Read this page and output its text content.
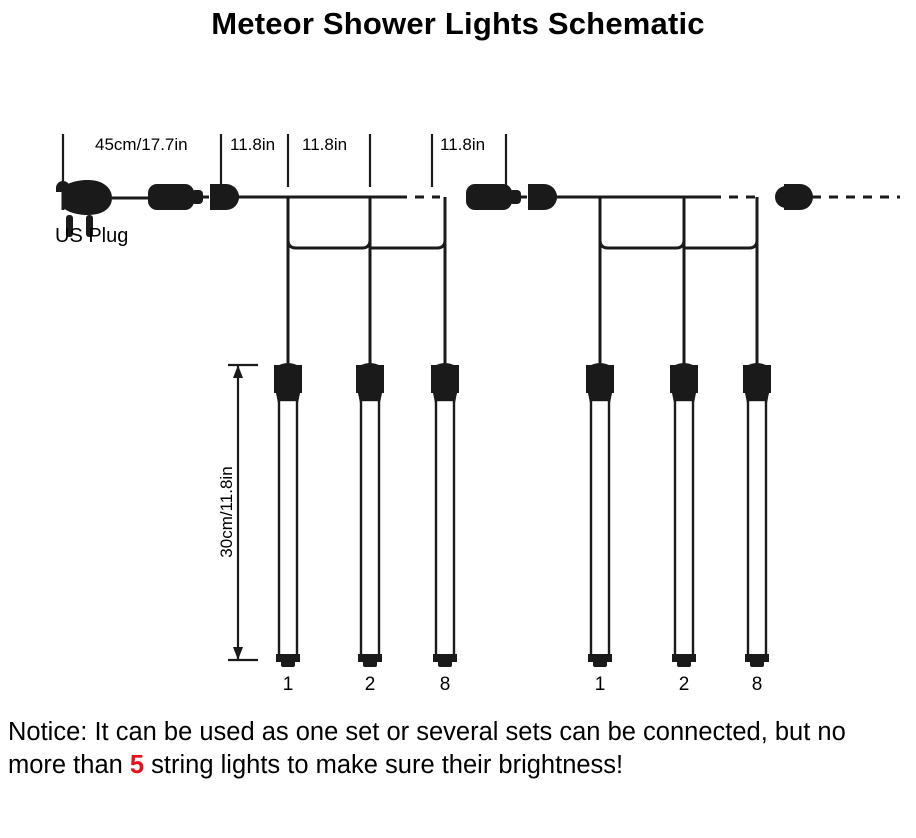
Meteor Shower Lights Schematic
45cm/17.7in 11.8in 11.8in	11.8in
US Plug
30cm/11.8in
1	2	8	1	2	8
Notice: It can be used as one set or several sets can be connected, but no more than 5 string lights to make sure their brightness!
